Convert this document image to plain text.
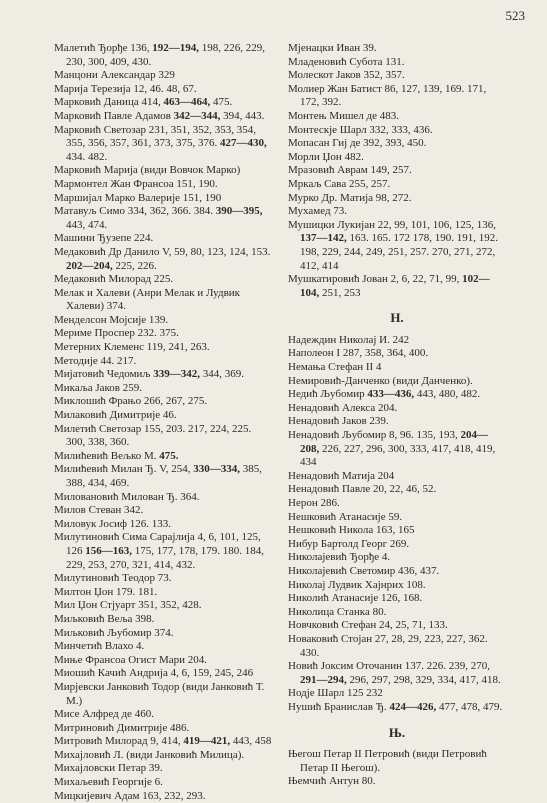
523
Малетић Ђорђе 136, 192—194, 198, 226, 229, 230, 300, 409, 430.
Манцони Александар 329
Марија Терезија 12, 46. 48, 67.
Марковић Даница 414, 463—464, 475.
Марковић Павле Адамов 342—344, 394, 443.
Марковић Светозар 231, 351, 352, 353, 354, 355, 356, 357, 361, 373, 375, 376. 427—430, 434. 482.
Марковић Марија (види Вовчок Марко)
Мармонтел Жан Франсоа 151, 190.
Маршијал Марко Валерије 151, 190
Матавуљ Симо 334, 362, 366. 384. 390—395, 443, 474.
Машини Ђузепе 224.
Медаковић Др Данило V, 59, 80, 123, 124, 153. 202—204, 225, 226.
Медаковић Милорад 225.
Мелак и Халеви (Анри Мелак и Лудвик Халеви) 374.
Менделсон Мојсије 139.
Мериме Проспер 232. 375.
Метерних Клеменс 119, 241, 263.
Методије 44. 217.
Мијатовић Чедомиљ 339—342, 344, 369.
Микаља Јаков 259.
Миклошић Фрањо 266, 267, 275.
Милаковић Димитрије 46.
Милетић Светозар 155, 203. 217, 224, 225. 300, 338, 360.
Милићевић Вељко М. 475.
Милићевић Милан Ђ. V, 254, 330—334, 385, 388, 434, 469.
Миловановић Милован Ђ. 364.
Милов Стеван 342.
Миловук Јосиф 126. 133.
Милутиновић Сима Сарајлија 4, 6, 101, 125, 126 156—163, 175, 177, 178, 179. 180. 184, 229, 253, 270, 321, 414, 432.
Милутиновић Теодор 73.
Милтон Џон 179. 181.
Мил Џон Стјуарт 351, 352, 428.
Миљковић Веља 398.
Миљковић Љубомир 374.
Минчетић Влахо 4.
Миње Франсоа Огист Мари 204.
Миошић Качић Андрија 4, 6, 159, 245, 246
Мирјевски Јанковић Тодор (види Јанковић Т. М.)
Мисе Алфред де 460.
Митриновић Димитрије 486.
Митровић Милорад 9, 414, 419—421, 443, 458
Михајловић Л. (види Јанковић Милица).
Михајловски Петар 39.
Михаљевић Георгије 6.
Мицкијевич Адам 163, 232, 293.
Мјенацки Иван 39.
Младеновић Субота 131.
Молескот Јаков 352, 357.
Молиер Жан Батист 86, 127, 139, 169. 171, 172, 392.
Монтењ Мишел де 483.
Монтескје Шарл 332, 333, 436.
Мопасан Гиј де 392, 393, 450.
Морли Џон 482.
Мразовић Аврам 149, 257.
Мркаљ Сава 255, 257.
Мурко Др. Матија 98, 272.
Мухамед 73.
Мушицки Лукијан 22, 99, 101, 106, 125, 136, 137—142, 163. 165. 172 178, 190. 191, 192. 198, 229, 244, 249, 251, 257. 270, 271, 272, 412, 414
Мушкатировић Јован 2, 6, 22, 71, 99, 102—104, 251, 253
Н.
Надеждин Николај И. 242
Наполеон I 287, 358, 364, 400.
Немања Стефан II 4
Немировић-Данченко (види Данченко).
Недић Љубомир 433—436, 443, 480, 482.
Ненадовић Алекса 204.
Ненадовић Јаков 239.
Ненадовић Љубомир 8, 96. 135, 193, 204—208, 226, 227, 296, 300, 333, 417, 418, 419, 434
Ненадовић Матија 204
Ненадовић Павле 20, 22, 46, 52.
Нерон 286.
Нешковић Атанасије 59.
Нешковић Никола 163, 165
Нибур Бартолд Георг 269.
Николајевић Ђорђе 4.
Николајевић Светомир 436, 437.
Николај Лудвик Хајнрих 108.
Николић Атанасије 126, 168.
Николица Станка 80.
Новчковић Стефан 24, 25, 71, 133.
Новаковић Стојан 27, 28, 29, 223, 227, 362. 430.
Новић Јоксим Оточанин 137. 226. 239, 270, 291—294, 296, 297, 298, 329, 334, 417, 418.
Нодје Шарл 125 232
Нушић Бранислав Ђ. 424—426, 477, 478, 479.
Њ.
Његош Петар II Петровић (види Петровић Петар II Његош).
Њемчић Антун 80.
